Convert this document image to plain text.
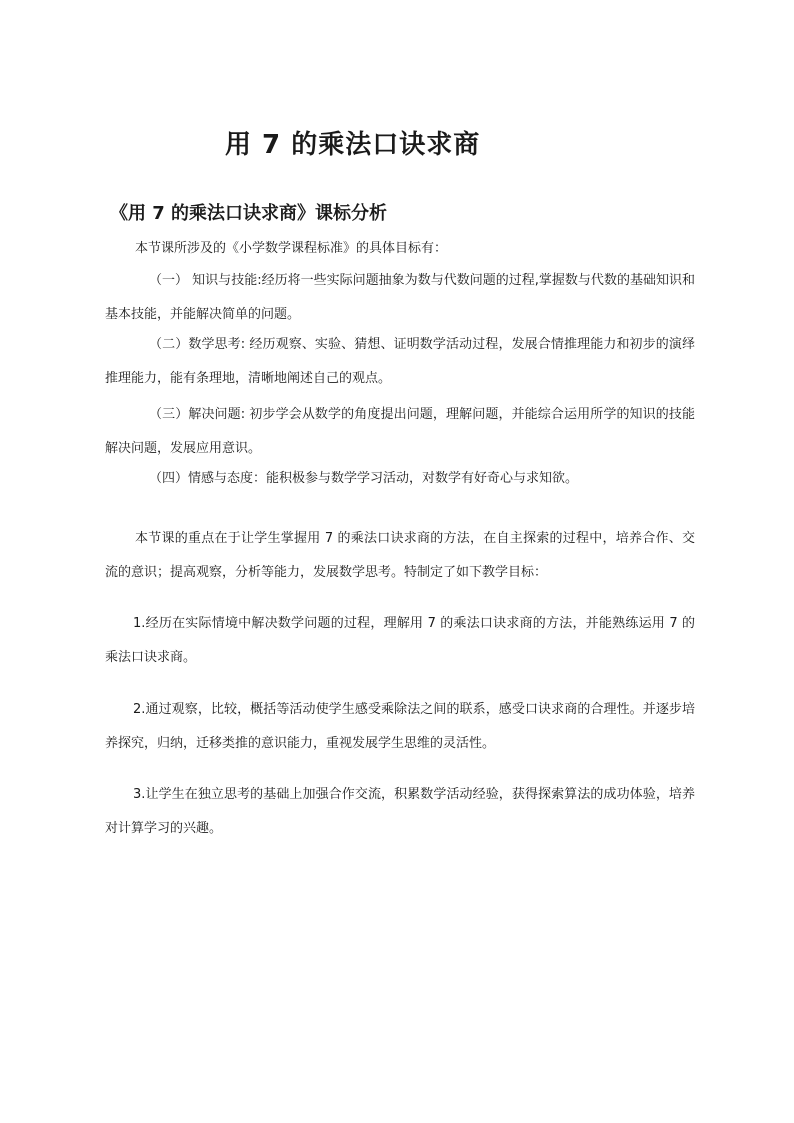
用 7 的乘法口诀求商
《用 7 的乘法口诀求商》课标分析
本节课所涉及的《小学数学课程标准》的具体目标有：
（一） 知识与技能:经历将一些实际问题抽象为数与代数问题的过程,掌握数与代数的基础知识和基本技能，并能解决简单的问题。
（二）数学思考: 经历观察、实验、猜想、证明数学活动过程，发展合情推理能力和初步的演绎推理能力，能有条理地，清晰地阐述自己的观点。
（三）解决问题: 初步学会从数学的角度提出问题，理解问题，并能综合运用所学的知识的技能解决问题，发展应用意识。
（四）情感与态度：能积极参与数学学习活动，对数学有好奇心与求知欲。
本节课的重点在于让学生掌握用 7 的乘法口诀求商的方法，在自主探索的过程中，培养合作、交流的意识；提高观察，分析等能力，发展数学思考。特制定了如下教学目标：
1.经历在实际情境中解决数学问题的过程，理解用 7 的乘法口诀求商的方法，并能熟练运用 7 的乘法口诀求商。
2.通过观察，比较，概括等活动使学生感受乘除法之间的联系，感受口诀求商的合理性。并逐步培养探究，归纳，迁移类推的意识能力，重视发展学生思维的灵活性。
3.让学生在独立思考的基础上加强合作交流，积累数学活动经验，获得探索算法的成功体验，培养对计算学习的兴趣。
